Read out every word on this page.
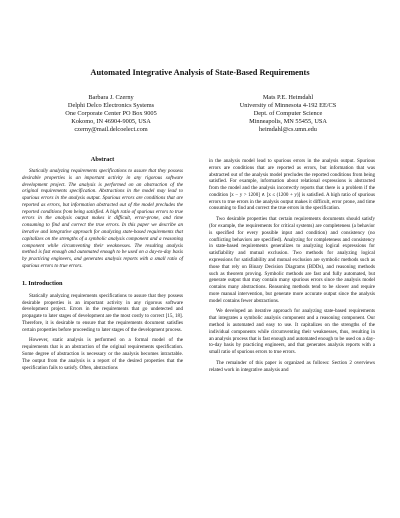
Automated Integrative Analysis of State-Based Requirements
Barbara J. Czerny
Delphi Delco Electronics Systems
One Corporate Center PO Box 9005
Kokomo, IN 46904-9005, USA
czerny@mail.delcoelect.com
Mats P.E. Heimdahl
University of Minnesota 4-192 EE/CS
Dept. of Computer Science
Minneapolis, MN 55455, USA
heimdahl@cs.umn.edu
Abstract

Statically analyzing requirements specifications to assure that they possess desirable properties is an important activity in any rigorous software development project. The analysis is performed on an abstraction of the original requirements specification. Abstractions in the model may lead to spurious errors in the analysis output. Spurious errors are conditions that are reported as errors, but information abstracted out of the model precludes the reported conditions from being satisfied. A high ratio of spurious errors to true errors in the analysis output makes it difficult, error-prone, and time consuming to find and correct the true errors. In this paper we describe an iterative and integrative approach for analyzing state-based requirements that capitalizes on the strengths of a symbolic analysis component and a reasoning component while circumventing their weaknesses. The resulting analysis method is fast enough and automated enough to be used on a day-to-day basis by practicing engineers, and generates analysis reports with a small ratio of spurious errors to true errors.

1. Introduction

Statically analyzing requirements specifications to assure that they possess desirable properties is an important activity in any rigorous software development project. Errors in the requirements that go undetected and propagate to later stages of development are the most costly to correct [15, 18]. Therefore, it is desirable to ensure that the requirements document satisfies certain properties before proceeding to later stages of the development process.

However, static analysis is performed on a formal model of the requirements that is an abstraction of the original requirements specification. Some degree of abstraction is necessary or the analysis becomes intractable. The output from the analysis is a report of the desired properties that the specification fails to satisfy. Often, abstractions

in the analysis model lead to spurious errors in the analysis output. Spurious errors are conditions that are reported as errors, but information that was abstracted out of the analysis model precludes the reported conditions from being satisfied. For example, information about relational expressions is abstracted from the model and the analysis incorrectly reports that there is a problem if the condition [x − y > 1200] ∧ [x ≤ (1200 + y)] is satisfied. A high ratio of spurious errors to true errors in the analysis output makes it difficult, error prone, and time consuming to find and correct the true errors in the specification.

Two desirable properties that certain requirements documents should satisfy (for example, the requirements for critical systems) are completeness (a behavior is specified for every possible input and condition) and consistency (no conflicting behaviors are specified). Analyzing for completeness and consistency in state-based requirements generalizes to analyzing logical expressions for satisfiability and mutual exclusion. Two methods for analyzing logical expressions for satisfiability and mutual exclusion are symbolic methods such as those that rely on Binary Decision Diagrams (BDDs), and reasoning methods such as theorem proving. Symbolic methods are fast and fully automated, but generate output that may contain many spurious errors since the analysis model contains many abstractions. Reasoning methods tend to be slower and require more manual intervention, but generate more accurate output since the analysis model contains fewer abstractions.

We developed an iterative approach for analyzing state-based requirements that integrates a symbolic analysis component and a reasoning component. Our method is automated and easy to use. It capitalizes on the strengths of the individual components while circumventing their weaknesses, thus, resulting in an analysis process that is fast enough and automated enough to be used on a day-to-day basis by practicing engineers, and that generates analysis reports with a small ratio of spurious errors to true errors.

The remainder of this paper is organized as follows: Section 2 overviews related work in integrative analysis and
